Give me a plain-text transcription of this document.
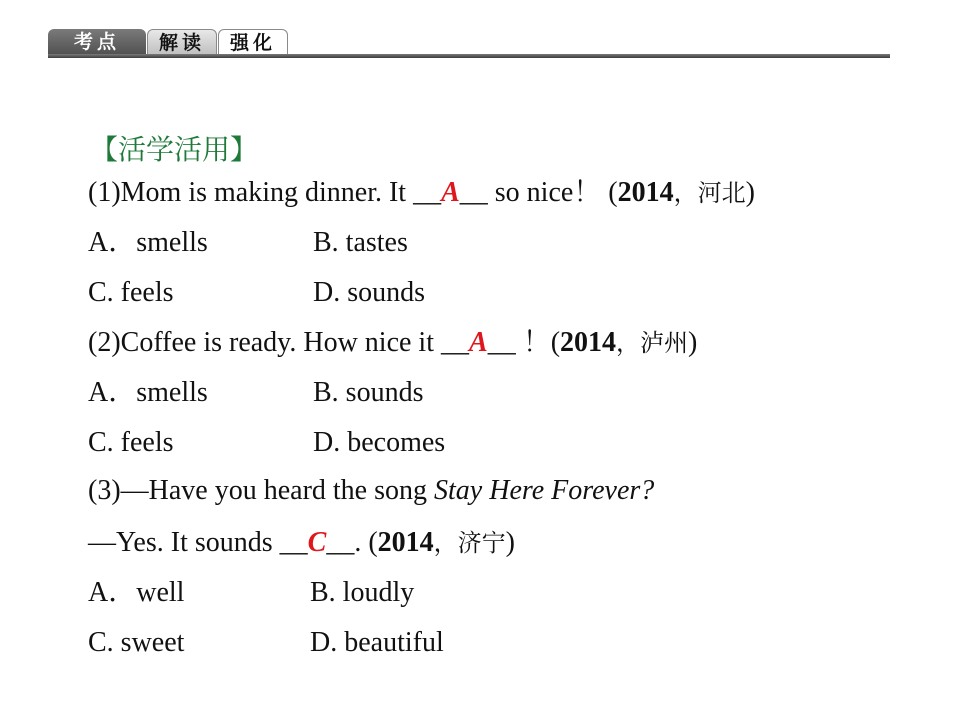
考点	解读	强化
【活学活用】
(1)Mom is making dinner. It __A__ so nice！ (2014，河北)
A．smells	B. tastes
C. feels	D. sounds
(2)Coffee is ready. How nice it __A__ ！(2014，泸州)
A．smells	B. sounds
C. feels	D. becomes
(3)—Have you heard the song Stay Here Forever?
—Yes. It sounds __C__. (2014，济宁)
A．well	B. loudly
C. sweet	D. beautiful
